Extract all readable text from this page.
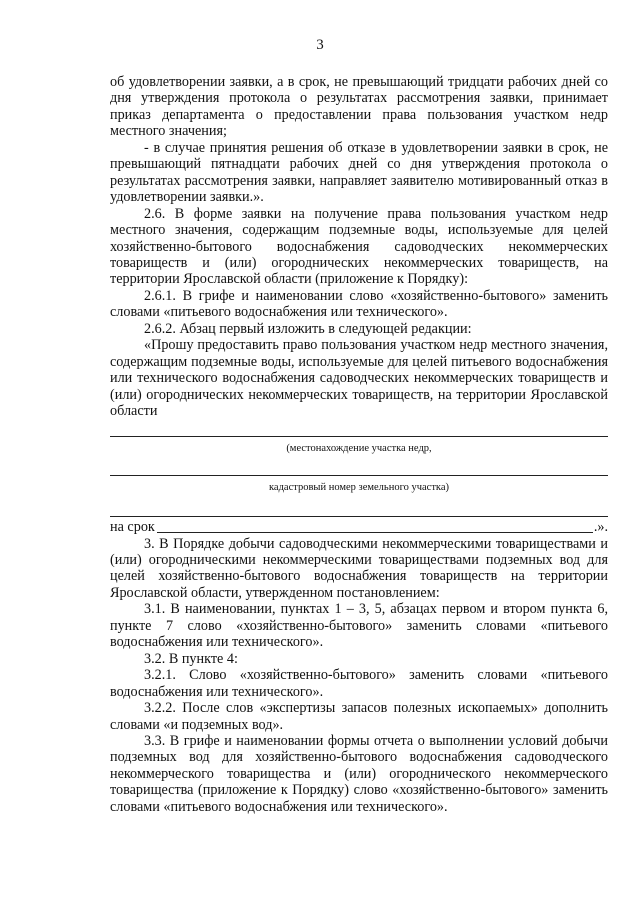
3

об удовлетворении заявки, а в срок, не превышающий тридцати рабочих дней со дня утверждения протокола о результатах рассмотрения заявки, принимает приказ департамента о предоставлении права пользования участком недр местного значения;

- в случае принятия решения об отказе в удовлетворении заявки в срок, не превышающий пятнадцати рабочих дней со дня утверждения протокола о результатах рассмотрения заявки, направляет заявителю мотивированный отказ в удовлетворении заявки.».

2.6. В форме заявки на получение права пользования участком недр местного значения, содержащим подземные воды, используемые для целей хозяйственно-бытового водоснабжения садоводческих некоммерческих товариществ и (или) огороднических некоммерческих товариществ, на территории Ярославской области (приложение к Порядку):

2.6.1. В грифе и наименовании слово «хозяйственно-бытового» заменить словами «питьевого водоснабжения или технического».

2.6.2. Абзац первый изложить в следующей редакции:

«Прошу предоставить право пользования участком недр местного значения, содержащим подземные воды, используемые для целей питьевого водоснабжения или технического водоснабжения садоводческих некоммерческих товариществ и (или) огороднических некоммерческих товариществ, на территории Ярославской области

(местонахождение участка недр,

кадастровый номер земельного участка)

на срок	.».

3. В Порядке добычи садоводческими некоммерческими товариществами и (или) огородническими некоммерческими товариществами подземных вод для целей хозяйственно-бытового водоснабжения товариществ на территории Ярославской области, утвержденном постановлением:

3.1. В наименовании, пунктах 1 – 3, 5, абзацах первом и втором пункта 6, пункте 7 слово «хозяйственно-бытового» заменить словами «питьевого водоснабжения или технического».

3.2. В пункте 4:

3.2.1. Слово «хозяйственно-бытового» заменить словами «питьевого водоснабжения или технического».

3.2.2. После слов «экспертизы запасов полезных ископаемых» дополнить словами «и подземных вод».

3.3. В грифе и наименовании формы отчета о выполнении условий добычи подземных вод для хозяйственно-бытового водоснабжения садоводческого некоммерческого товарищества и (или) огороднического некоммерческого товарищества (приложение к Порядку) слово «хозяйственно-бытового» заменить словами «питьевого водоснабжения или технического».
